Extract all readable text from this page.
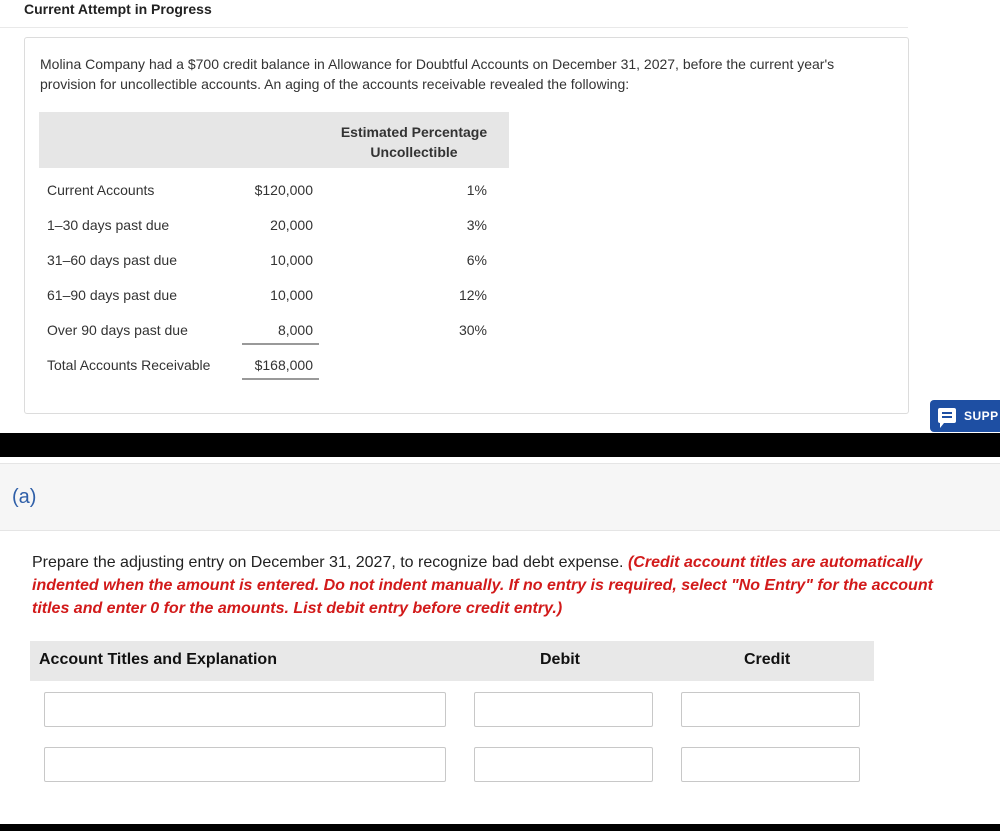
Current Attempt in Progress

Molina Company had a $700 credit balance in Allowance for Doubtful Accounts on December 31, 2027, before the current year's provision for uncollectible accounts. An aging of the accounts receivable revealed the following:

Estimated Percentage Uncollectible
Current Accounts	$120,000	1%
1–30 days past due	20,000	3%
31–60 days past due	10,000	6%
61–90 days past due	10,000	12%
Over 90 days past due	8,000	30%
Total Accounts Receivable	$168,000
SUPP
(a)

Prepare the adjusting entry on December 31, 2027, to recognize bad debt expense. (Credit account titles are automatically indented when the amount is entered. Do not indent manually. If no entry is required, select "No Entry" for the account titles and enter 0 for the amounts. List debit entry before credit entry.)

Account Titles and Explanation	Debit	Credit
